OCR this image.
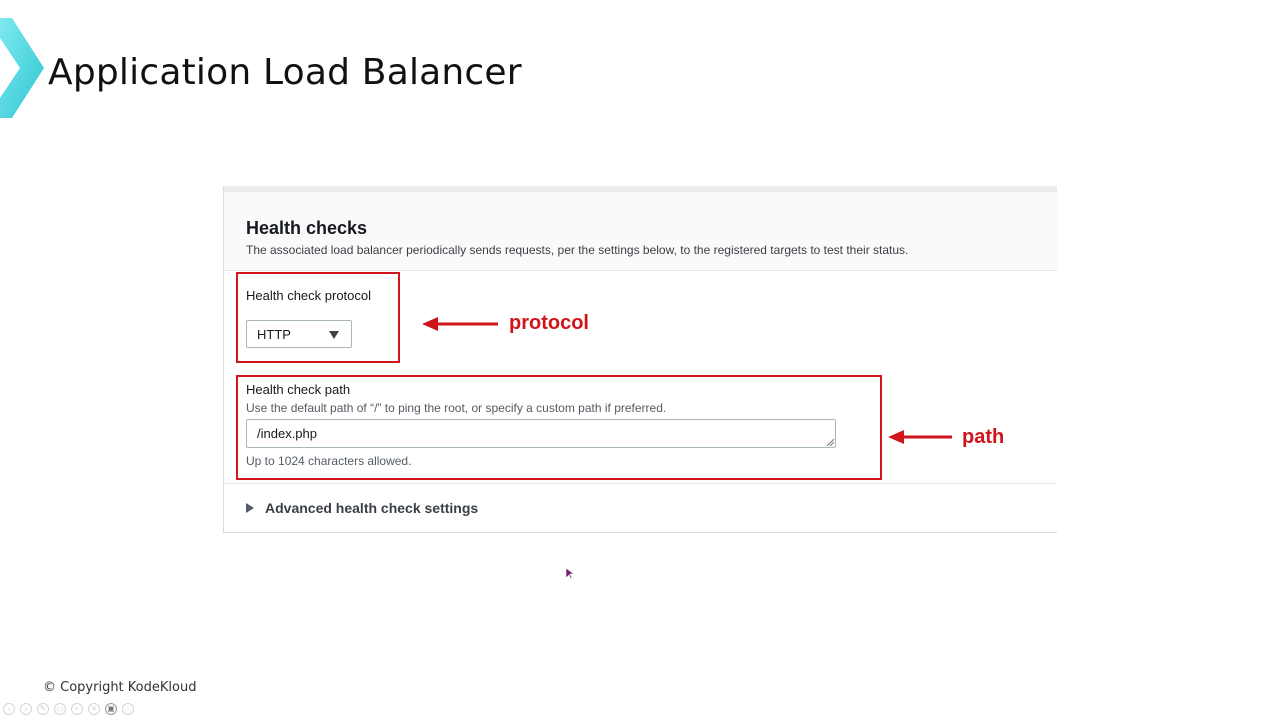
Application Load Balancer
Health checks
The associated load balancer periodically sends requests, per the settings below, to the registered targets to test their status.
Health check protocol
HTTP
Health check path
Use the default path of “/” to ping the root, or specify a custom path if preferred.
/index.php
Up to 1024 characters allowed.
Advanced health check settings
protocol
path
© Copyright KodeKloud
‹	›	✎	▭	⌕	≡	▣ …
